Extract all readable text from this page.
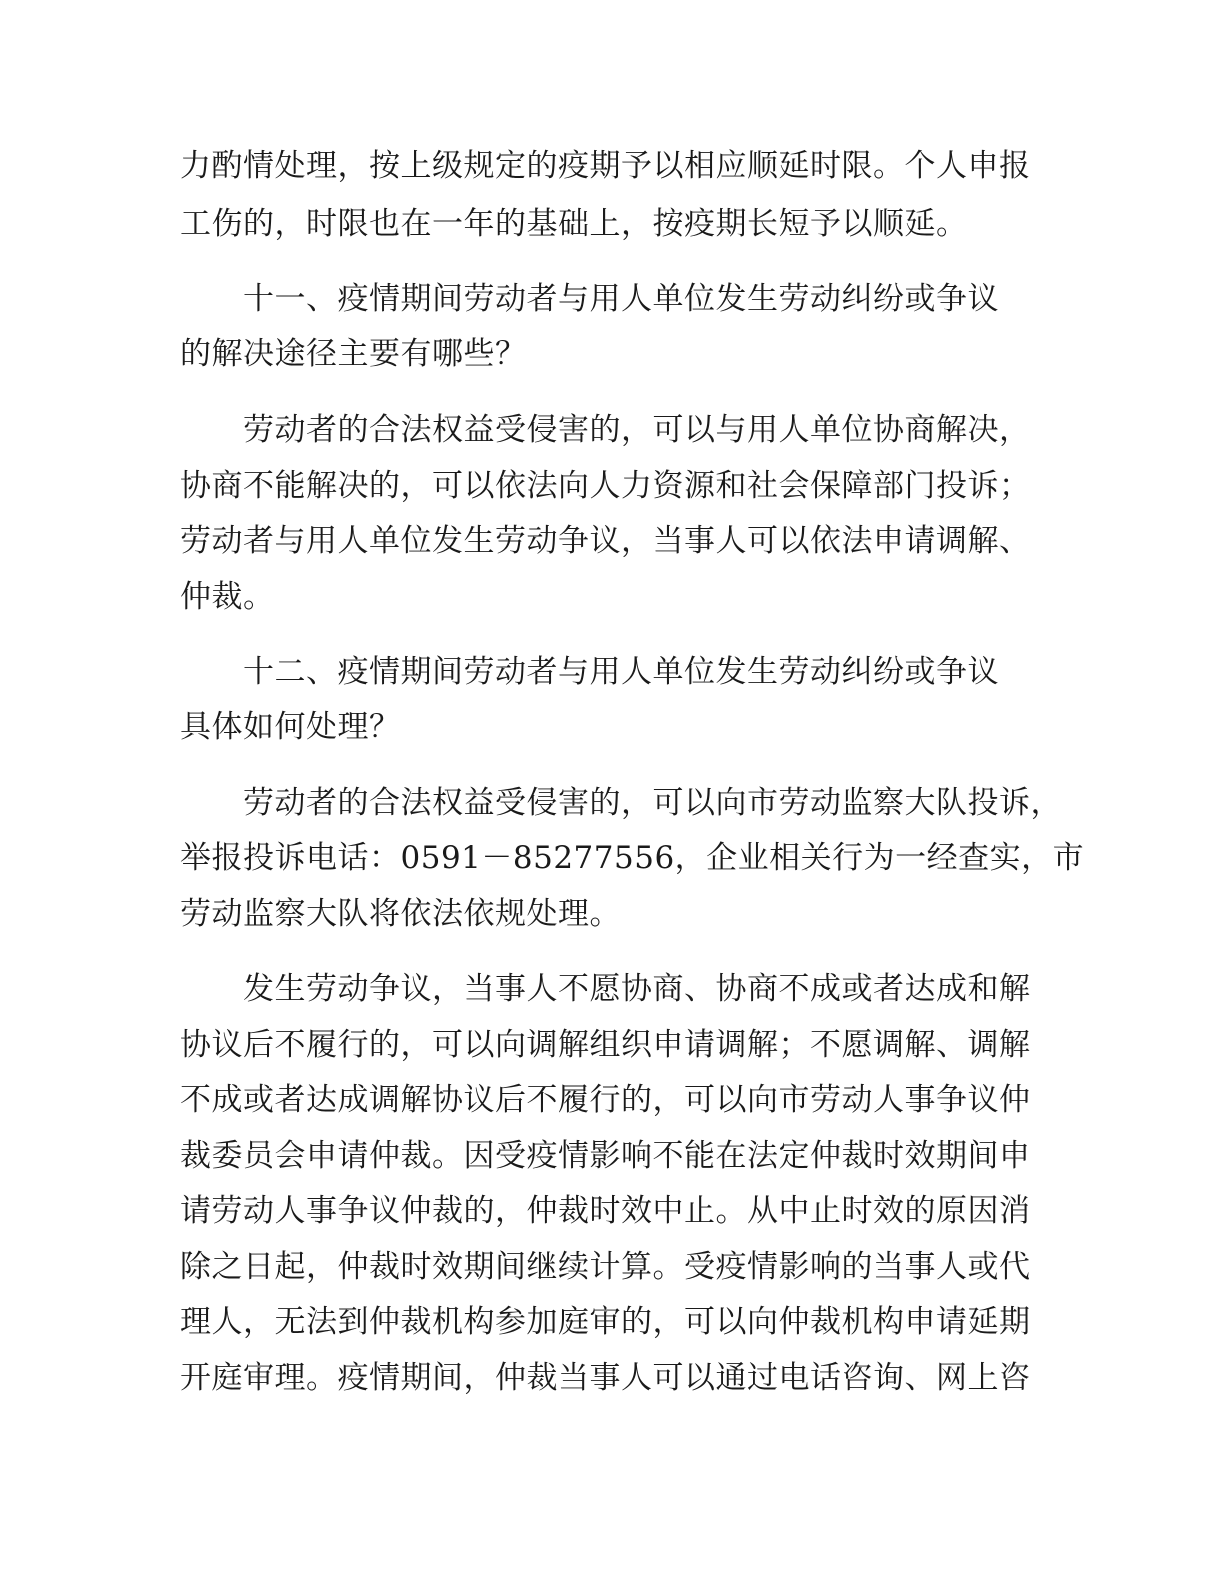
力酌情处理，按上级规定的疫期予以相应顺延时限。个人申报
工伤的，时限也在一年的基础上，按疫期长短予以顺延。
十一、疫情期间劳动者与用人单位发生劳动纠纷或争议
的解决途径主要有哪些？
劳动者的合法权益受侵害的，可以与用人单位协商解决，
协商不能解决的，可以依法向人力资源和社会保障部门投诉；
劳动者与用人单位发生劳动争议，当事人可以依法申请调解、
仲裁。
十二、疫情期间劳动者与用人单位发生劳动纠纷或争议
具体如何处理？
劳动者的合法权益受侵害的，可以向市劳动监察大队投诉，
举报投诉电话：0591－85277556，企业相关行为一经查实，市
劳动监察大队将依法依规处理。
发生劳动争议，当事人不愿协商、协商不成或者达成和解
协议后不履行的，可以向调解组织申请调解；不愿调解、调解
不成或者达成调解协议后不履行的，可以向市劳动人事争议仲
裁委员会申请仲裁。因受疫情影响不能在法定仲裁时效期间申
请劳动人事争议仲裁的，仲裁时效中止。从中止时效的原因消
除之日起，仲裁时效期间继续计算。受疫情影响的当事人或代
理人，无法到仲裁机构参加庭审的，可以向仲裁机构申请延期
开庭审理。疫情期间，仲裁当事人可以通过电话咨询、网上咨
